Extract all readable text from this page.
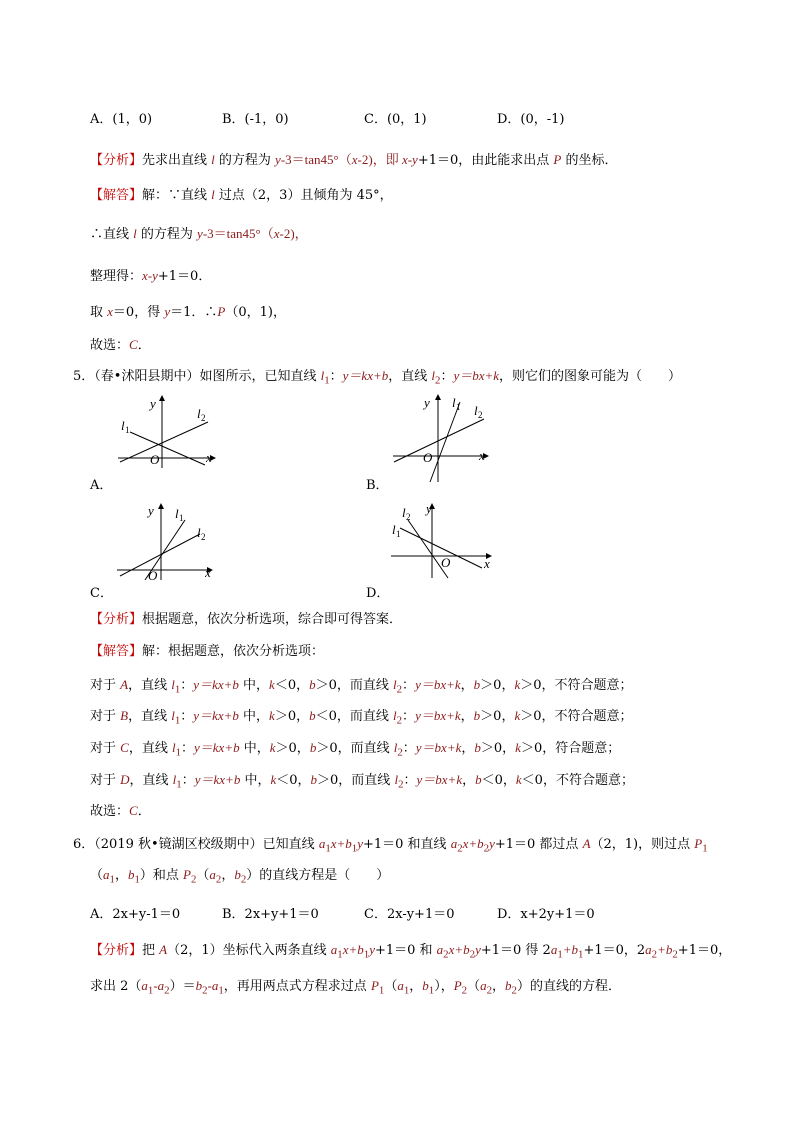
A．(1，0)	B．(-1，0)	C．(0，1)	D．(0，-1)
【分析】先求出直线 l 的方程为 y-3＝tan45°（x-2)，即 x-y+1＝0，由此能求出点 P 的坐标．
【解答】解：∵直线 l 过点（2，3）且倾角为 45°，
∴直线 l 的方程为 y-3＝tan45°（x-2)，
整理得：x-y+1＝0．
取 x＝0，得 y＝1．∴P（0，1)，
故选：C．
5．（春•沭阳县期中）如图所示，已知直线 $l_1$：y＝kx+b，直线 $l_2$：y＝bx+k，则它们的图象可能为（　　）
y
x
O
l 1
l 2
A．
y
x
O
l 1 l 2
B．
y
x
O
l 1
l 2
C．
y
x
O
l 1
l 2
D．
【分析】根据题意，依次分析选项，综合即可得答案．
【解答】解：根据题意，依次分析选项：
对于 A，直线 $l_1$：y＝kx+b 中，k＜0，b＞0，而直线 $l_2$：y＝bx+k，b＞0，k＞0，不符合题意；
对于 B，直线 $l_1$：y＝kx+b 中，k＞0，b＜0，而直线 $l_2$：y＝bx+k，b＞0，k＞0，不符合题意；
对于 C，直线 $l_1$：y＝kx+b 中，k＞0，b＞0，而直线 $l_2$：y＝bx+k，b＞0，k＞0，符合题意；
对于 D，直线 $l_1$：y＝kx+b 中，k＜0，b＞0，而直线 $l_2$：y＝bx+k，b＜0，k＜0，不符合题意；
故选：C．
6．（2019 秋•镜湖区校级期中）已知直线 $a_1x+b_1y+1=0$ 和直线 $a_2x+b_2y+1=0$ 都过点 A（2，1)，则过点 $P_1$
（$a_1$，$b_1$）和点 $P_2(a_2$，$b_2$）的直线方程是（　　）
A．2x+y-1＝0	B．2x+y+1＝0	C．2x-y+1＝0	D．x+2y+1＝0
【分析】把 A（2，1）坐标代入两条直线 $a_1x+b_1y+1=0$ 和 $a_2x+b_2y+1=0$ 得 $2a_1+b_1+1=0$，$2a_2+b_2+1=0$，
求出 $2(a_1-a_2)=b_2-a_1$，再用两点式方程求过点 $P_1(a_1$，$b_1$），$P_2(a_2$，$b_2$）的直线的方程．
